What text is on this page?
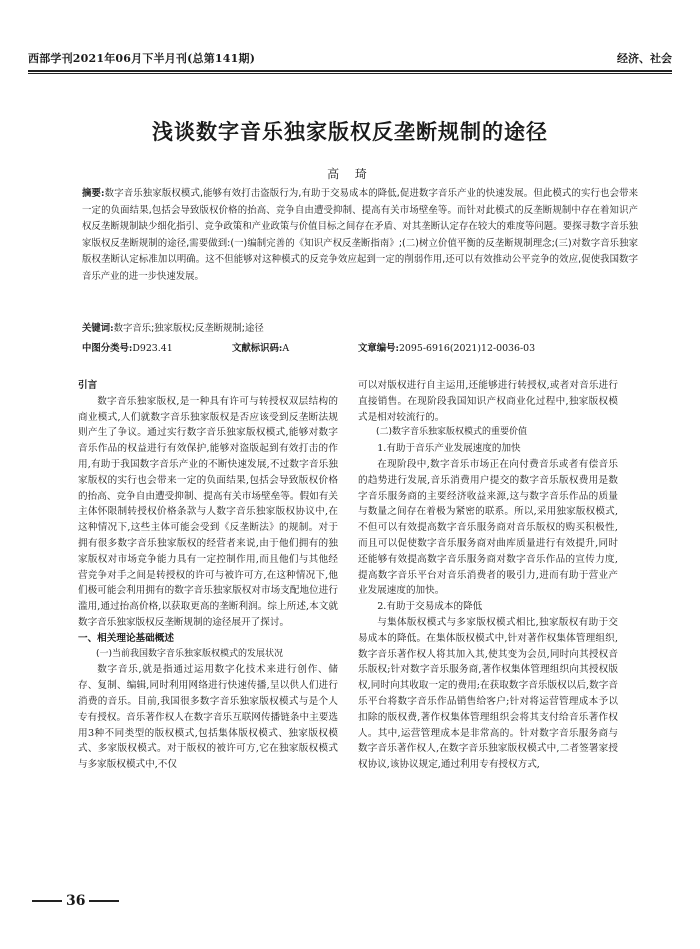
西部学刊2021年06月下半月刊(总第141期)	经济、社会
浅谈数字音乐独家版权反垄断规制的途径
高 琦
摘要:数字音乐独家版权模式,能够有效打击盗版行为,有助于交易成本的降低,促进数字音乐产业的快速发展。但此模式的实行也会带来一定的负面结果,包括会导致版权价格的抬高、竞争自由遭受抑制、提高有关市场壁垒等。而针对此模式的反垄断规制中存在着知识产权反垄断规制缺少细化指引、竞争政策和产业政策与价值目标之间存在矛盾、对其垄断认定存在较大的难度等问题。要探寻数字音乐独家版权反垄断规制的途径,需要做到:(一)编制完善的《知识产权反垄断指南》;(二)树立价值平衡的反垄断规制理念;(三)对数字音乐独家版权垄断认定标准加以明确。这不但能够对这种模式的反竞争效应起到一定的削弱作用,还可以有效推动公平竞争的效应,促使我国数字音乐产业的进一步快速发展。
关键词:数字音乐;独家版权;反垄断规制;途径
中图分类号:D923.41	文献标识码:A	文章编号:2095-6916(2021)12-0036-03
引言

数字音乐独家版权,是一种具有许可与转授权双层结构的商业模式,人们就数字音乐独家版权是否应该受到反垄断法规则产生了争议。通过实行数字音乐独家版权模式,能够对数字音乐作品的权益进行有效保护,能够对盗版起到有效打击的作用,有助于我国数字音乐产业的不断快速发展,不过数字音乐独家版权的实行也会带来一定的负面结果,包括会导致版权价格的抬高、竞争自由遭受抑制、提高有关市场壁垒等。假如有关主体怀限制转授权价格条款与人数字音乐独家版权协议中,在这种情况下,这些主体可能会受到《反垄断法》的规制。对于拥有很多数字音乐独家版权的经营者来说,由于他们拥有的独家版权对市场竞争能力具有一定控制作用,而且他们与其他经营竞争对手之间是转授权的许可与被许可方,在这种情况下,他们极可能会利用拥有的数字音乐独家版权对市场支配地位进行滥用,通过抬高价格,以获取更高的垄断利润。综上所述,本文就数字音乐独家版权反垄断规制的途径展开了探讨。

一、相关理论基础概述
(一)当前我国数字音乐独家版权模式的发展状况

数字音乐,就是指通过运用数字化技术来进行创作、储存、复制、编辑,同时利用网络进行快速传播,呈以供人们进行消费的音乐。目前,我国很多数字音乐独家版权模式与是个人专有授权。音乐著作权人在数字音乐互联网传播链条中主要选用3种不同类型的版权模式,包括集体版权模式、独家版权模式、多家版权模式。对于版权的被许可方,它在独家版权模式与多家版权模式中,不仅

可以对版权进行自主运用,还能够进行转授权,或者对音乐进行直接销售。在现阶段我国知识产权商业化过程中,独家版权模式是相对较流行的。

(二)数字音乐独家版权模式的重要价值
1.有助于音乐产业发展速度的加快

在现阶段中,数字音乐市场正在向付费音乐或者有偿音乐的趋势进行发展,音乐消费用户提交的数字音乐版权费用是数字音乐服务商的主要经济收益来源,这与数字音乐作品的质量与数量之间存在着极为紧密的联系。所以,采用独家版权模式,不但可以有效提高数字音乐服务商对音乐版权的购买积极性,而且可以促使数字音乐服务商对曲库质量进行有效提升,同时还能够有效提高数字音乐服务商对数字音乐作品的宣传力度,提高数字音乐平台对音乐消费者的吸引力,进而有助于营业产业发展速度的加快。

2.有助于交易成本的降低

与集体版权模式与多家版权模式相比,独家版权有助于交易成本的降低。在集体版权模式中,针对著作权集体管理组织,数字音乐著作权人将其加入其,使其变为会员,同时向其授权音乐版权;针对数字音乐服务商,著作权集体管理组织向其授权版权,同时向其收取一定的费用;在获取数字音乐版权以后,数字音乐平台将数字音乐作品销售给客户;针对将运营管理成本予以扣除的版权费,著作权集体管理组织会将其支付给音乐著作权人。其中,运营管理成本是非常高的。针对数字音乐服务商与数字音乐著作权人,在数字音乐独家版权模式中,二者签署家授权协议,该协议规定,通过利用专有授权方式,

36
